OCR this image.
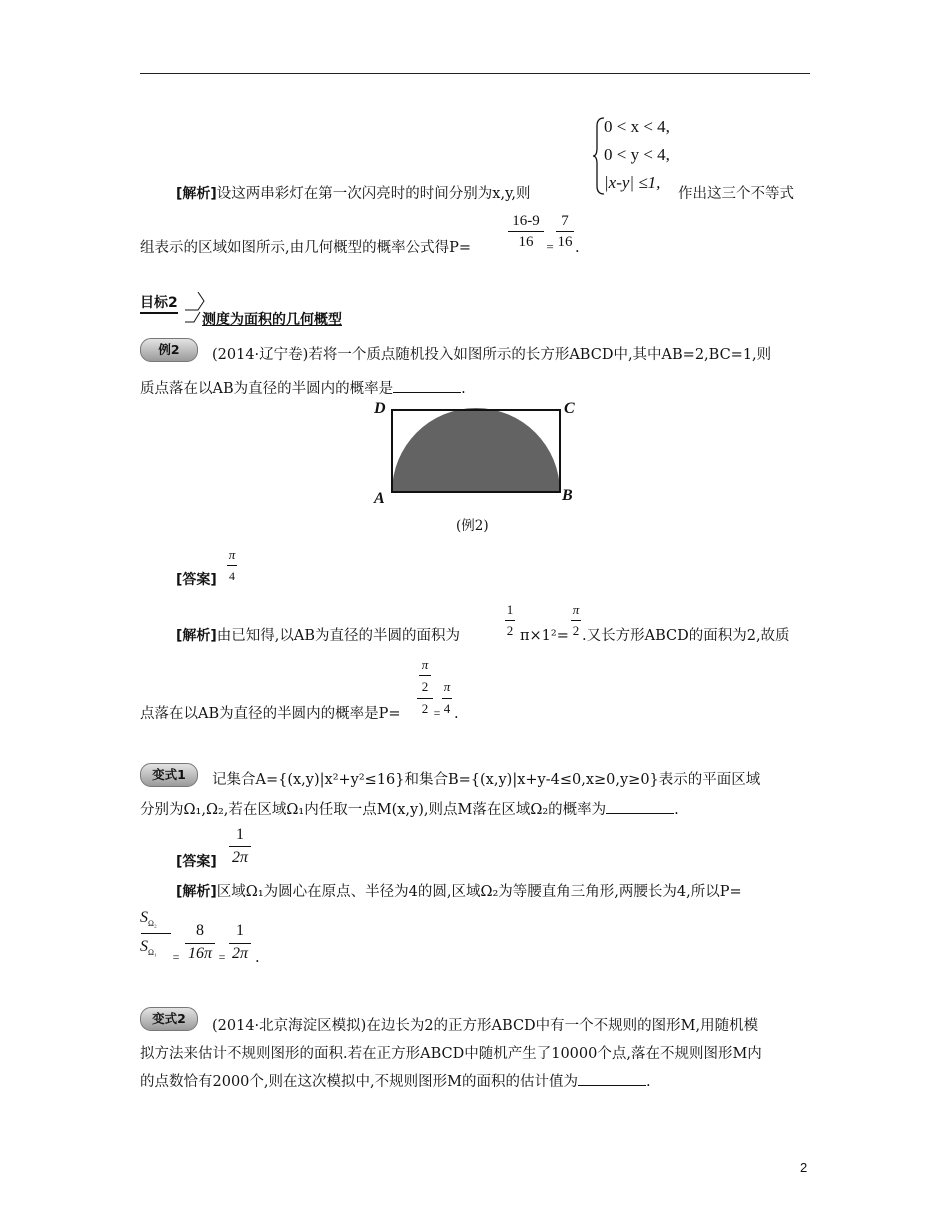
0 < x < 4,
0 < y < 4,
|x-y| ≤1,
[解析]设这两串彩灯在第一次闪亮时的时间分别为x,y,则	作出这三个不等式
组表示的区域如图所示,由几何概型的概率公式得P=
16-9
16 =
7
16 .
目标2
测度为面积的几何概型
例2	(2014·辽宁卷)若将一个质点随机投入如图所示的长方形ABCD中,其中AB=2,BC=1,则
质点落在以AB为直径的半圆内的概率是	.
D	C
A	B
(例2)
[答案]
π
4
[解析]由已知得,以AB为直径的半圆的面积为
1
2 π×1²=
π
2 .又长方形ABCD的面积为2,故质
点落在以AB为直径的半圆内的概率是P=
π
2
2 =
π
4 .
变式1	记集合A={(x,y)|x²+y²≤16}和集合B={(x,y)|x+y-4≤0,x≥0,y≥0}表示的平面区域
分别为Ω₁,Ω₂,若在区域Ω₁内任取一点M(x,y),则点M落在区域Ω₂的概率为	.
[答案]
1
2π
[解析]区域Ω₁为圆心在原点、半径为4的圆,区域Ω₂为等腰直角三角形,两腰长为4,所以P=
$S_{\Omega_2}$
$S_{\Omega_1}$	=
8
16π =
1
2π .
变式2	(2014·北京海淀区模拟)在边长为2的正方形ABCD中有一个不规则的图形M,用随机模
拟方法来估计不规则图形的面积.若在正方形ABCD中随机产生了10000个点,落在不规则图形M内
的点数恰有2000个,则在这次模拟中,不规则图形M的面积的估计值为	.
2
